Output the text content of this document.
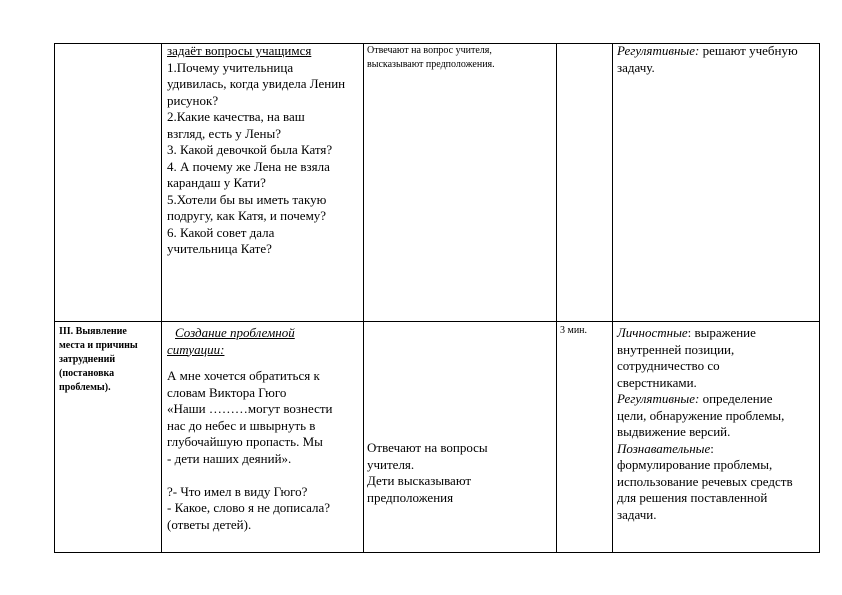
задаёт вопросы учащимся
1.Почему учительница
удивилась, когда увидела Ленин
рисунок?
2.Какие качества, на ваш
взгляд, есть у Лены?
3. Какой девочкой была Катя?
4. А почему же Лена не взяла
карандаш у Кати?
5.Хотели бы вы иметь такую
подругу, как Катя, и почему?
6. Какой совет дала
учительница Кате?
Отвечают на вопрос учителя,
высказывают предположения.
Регулятивные: решают учебную
задачу.
III. Выявление
места и причины
затруднений
(постановка
проблемы).
Создание проблемной
ситуации:
А мне хочется обратиться к
словам Виктора Гюго
«Наши ………могут вознести
нас до небес и швырнуть в
глубочайшую пропасть. Мы
- дети наших деяний».
?- Что имел в виду Гюго?
- Какое, слово я не дописала?
(ответы детей).
Отвечают на вопросы
учителя.
Дети высказывают
предположения
3 мин.	Личностные: выражение
внутренней позиции,
сотрудничество со
сверстниками.
Регулятивные: определение
цели, обнаружение проблемы,
выдвижение версий.
Познавательные:
формулирование проблемы,
использование речевых средств
для решения поставленной
задачи.
